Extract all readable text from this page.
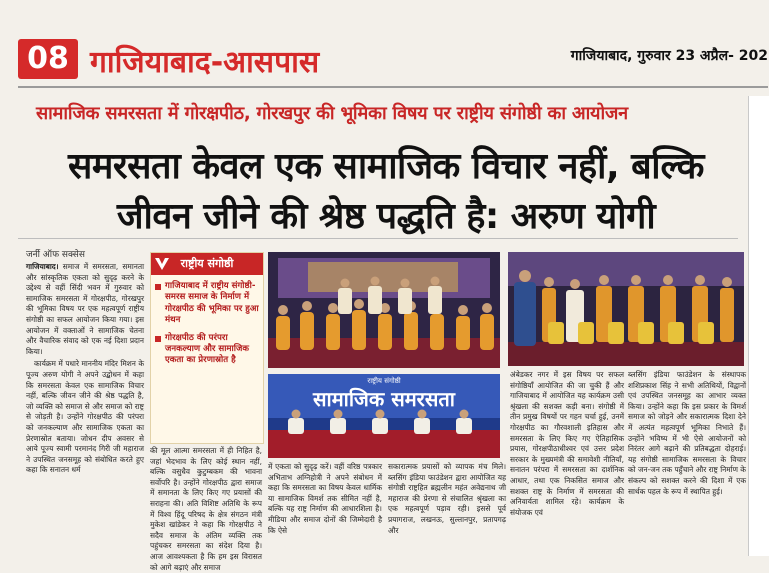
08 गाजियाबाद-आसपास	गाजियाबाद, गुरुवार 23 अप्रैल- 202
सामाजिक समरसता में गोरक्षपीठ, गोरखपुर की भूमिका विषय पर राष्ट्रीय संगोष्ठी का आयोजन
समरसता केवल एक सामाजिक विचार नहीं, बल्कि
जीवन जीने की श्रेष्ठ पद्धति है: अरुण योगी
जर्नी ऑफ सक्सेस

गाजियाबाद। समाज में समरसता, समानता और सांस्कृतिक एकता को सुदृढ़ करने के उद्देश्य से वहीं सिंदी भवन में गुरुवार को सामाजिक समरसता में गोरक्षपीठ, गोरखपुर की भूमिका विषय पर एक महत्वपूर्ण राष्ट्रीय संगोष्ठी का सफल आयोजन किया गया। इस आयोजन में वक्ताओं ने सामाजिक चेतना और वैचारिक संवाद को एक नई दिशा प्रदान किया।

कार्यक्रम में पधारे माननीय मंदिर मिशन के पूज्य अरुण योगी ने अपने उद्बोधन में कहा कि समरसता केवल एक सामाजिक विचार नहीं, बल्कि जीवन जीने की श्रेष्ठ पद्धति है, जो व्यक्ति को समाज से और समाज को राष्ट्र से जोड़ती है। उन्होंने गोरक्षपीठ की परंपरा को जनकल्याण और सामाजिक एकता का प्रेरणास्रोत बताया। जोधन दीप अवसर से आये पूज्य स्वामी परमानंद गिरी जी महाराज ने उपस्थित जनसमूह को संबोधित करते हुए कहा कि सनातन धर्म

राष्ट्रीय संगोष्ठी
गाजियाबाद में राष्ट्रीय संगोष्ठी-समरस समाज के निर्माण में गोरक्षपीठ की भूमिका पर हुआ मंथन
गोरक्षपीठ की परंपरा जनकल्याण और सामाजिक एकता का प्रेरणास्रोत है

की मूल आत्मा समरसता में ही निहित है, जहां भेदभाव के लिए कोई स्थान नहीं, बल्कि वसुधैव कुटुम्बकम की भावना सर्वोपरि है। उन्होंने गोरक्षपीठ द्वारा समाज में समानता के लिए किए गए प्रयासों की सराहना की। अति विशिष्ट अतिथि के रूप में विश्व हिंदू परिषद के क्षेत्र संगठन मंत्री मुकेश खांडेकर ने कहा कि गोरक्षपीठ ने सदैव समाज के अंतिम व्यक्ति तक पहुंचकर समरसता का संदेश दिया है। आज आवश्यकता है कि हम इस विरासत को आगे बढ़ाएं और समाज

में एकता को सुदृढ़ करें। वहीं वरिष्ठ पत्रकार अभिताभ अग्निहोत्री ने अपने संबोधन में कहा कि समरसता का विषय केवल धार्मिक या सामाजिक विमर्श तक सीमित नहीं है, बल्कि यह राष्ट्र निर्माण की आधारशिला है। मीडिया और समाज दोनों की जिम्मेदारी है कि ऐसे

सकारात्मक प्रयासों को व्यापक मंच मिले। ब्लसिंग इंडिया फाउंडेशन द्वारा आयोजित यह संगोष्ठी राष्ट्रहित ब्रह्मलीन महंत अवेद्यनाथ जी महाराज की प्रेरणा से संचालित श्रृंखला का एक महत्वपूर्ण पड़ाव रही। इससे पूर्व प्रयागराज, लखनऊ, सुल्तानपुर, प्रतापगढ़ और

अंबेडकर नगर में इस विषय पर सफल संगोष्ठियाँ आयोजित की जा चुकी हैं और गाजियाबाद में आयोजित यह कार्यक्रम उसी श्रृंखला की सशक्त कड़ी बना। संगोष्ठी में तीन प्रमुख विषयों पर गहन चर्चा हुई, उनमें गोरक्षपीठ का गौरवशाली इतिहास और समरसता के लिए किए गए ऐतिहासिक प्रयास, गोरक्षपीठाधीश्वर एवं उत्तर प्रदेश सरकार के मुख्यमंत्री की समावेशी नीतियाँ, सनातन परंपरा में समरसता का दार्शनिक आधार, तथा एक निकसित समाज और सशक्त राष्ट्र के निर्माण में समरसता की अनिवार्यता शामिल रहे। कार्यक्रम के संयोजक एवं

ब्लसिंग इंडिया फाउंडेशन के संस्थापक शशिप्रकाश सिंह ने सभी अतिथियों, विद्वानों एवं उपस्थित जनसमूह का आभार व्यक्त किया। उन्होंने कहा कि इस प्रकार के विमर्श समाज को जोड़ने और सकारात्मक दिशा देने में अत्यंत महत्वपूर्ण भूमिका निभाते हैं। उन्होंने भविष्य में भी ऐसे आयोजनों को निरंतर आगे बढ़ाने की प्रतिबद्धता दोहराई। यह संगोष्ठी सामाजिक समरसता के विचार को जन-जन तक पहुँचाने और राष्ट्र निर्माण के संकल्प को सशक्त करने की दिशा में एक सार्थक पहल के रूप में स्थापित हुई।

राष्ट्रीय संगोष्ठी
सामाजिक समरसता
